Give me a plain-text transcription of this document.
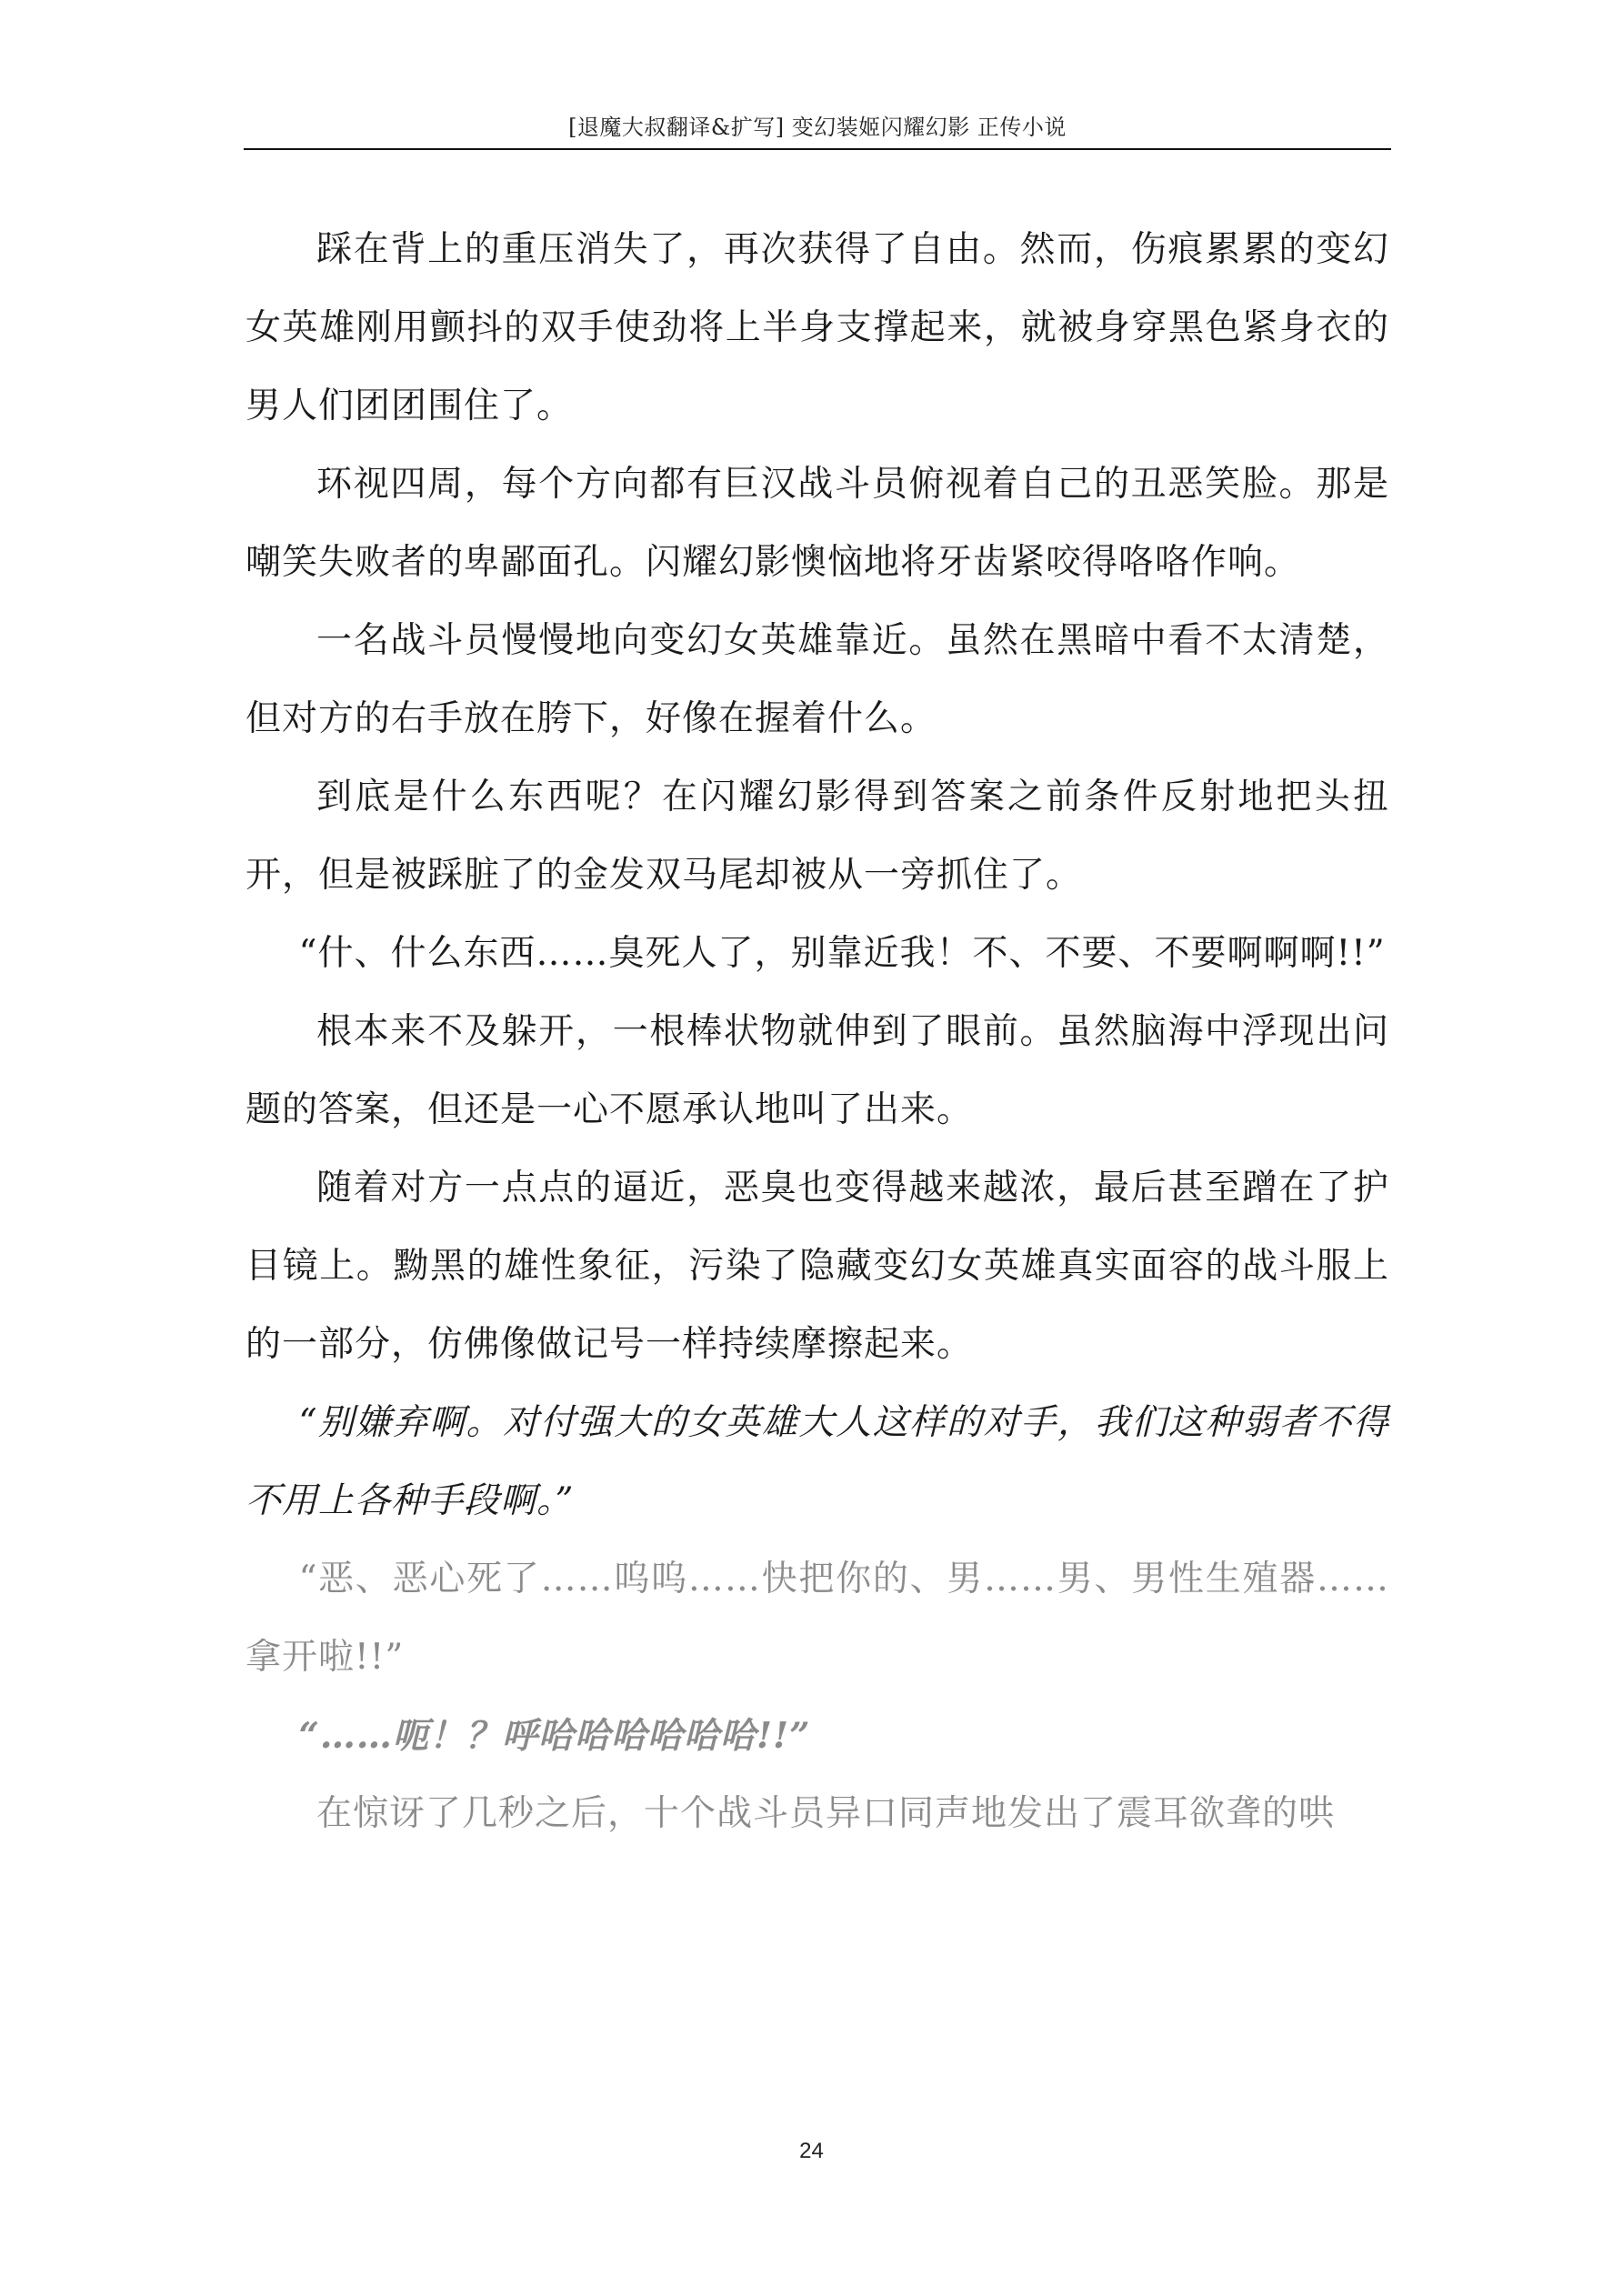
[退魔大叔翻译&扩写] 变幻装姬闪耀幻影 正传小说

踩在背上的重压消失了，再次获得了自由。然而，伤痕累累的变幻女英雄刚用颤抖的双手使劲将上半身支撑起来，就被身穿黑色紧身衣的男人们团团围住了。

环视四周，每个方向都有巨汉战斗员俯视着自己的丑恶笑脸。那是嘲笑失败者的卑鄙面孔。闪耀幻影懊恼地将牙齿紧咬得咯咯作响。

一名战斗员慢慢地向变幻女英雄靠近。虽然在黑暗中看不太清楚，但对方的右手放在胯下，好像在握着什么。

到底是什么东西呢？在闪耀幻影得到答案之前条件反射地把头扭开，但是被踩脏了的金发双马尾却被从一旁抓住了。

“什、什么东西……臭死人了，别靠近我！不、不要、不要啊啊啊!!”

根本来不及躲开，一根棒状物就伸到了眼前。虽然脑海中浮现出问题的答案，但还是一心不愿承认地叫了出来。

随着对方一点点的逼近，恶臭也变得越来越浓，最后甚至蹭在了护目镜上。黝黑的雄性象征，污染了隐藏变幻女英雄真实面容的战斗服上的一部分，仿佛像做记号一样持续摩擦起来。

“别嫌弃啊。对付强大的女英雄大人这样的对手，我们这种弱者不得不用上各种手段啊。”

“恶、恶心死了……呜呜……快把你的、男……男、男性生殖器……拿开啦!!”

“……呃！？呼哈哈哈哈哈哈!!”

在惊讶了几秒之后，十个战斗员异口同声地发出了震耳欲聋的哄

24
